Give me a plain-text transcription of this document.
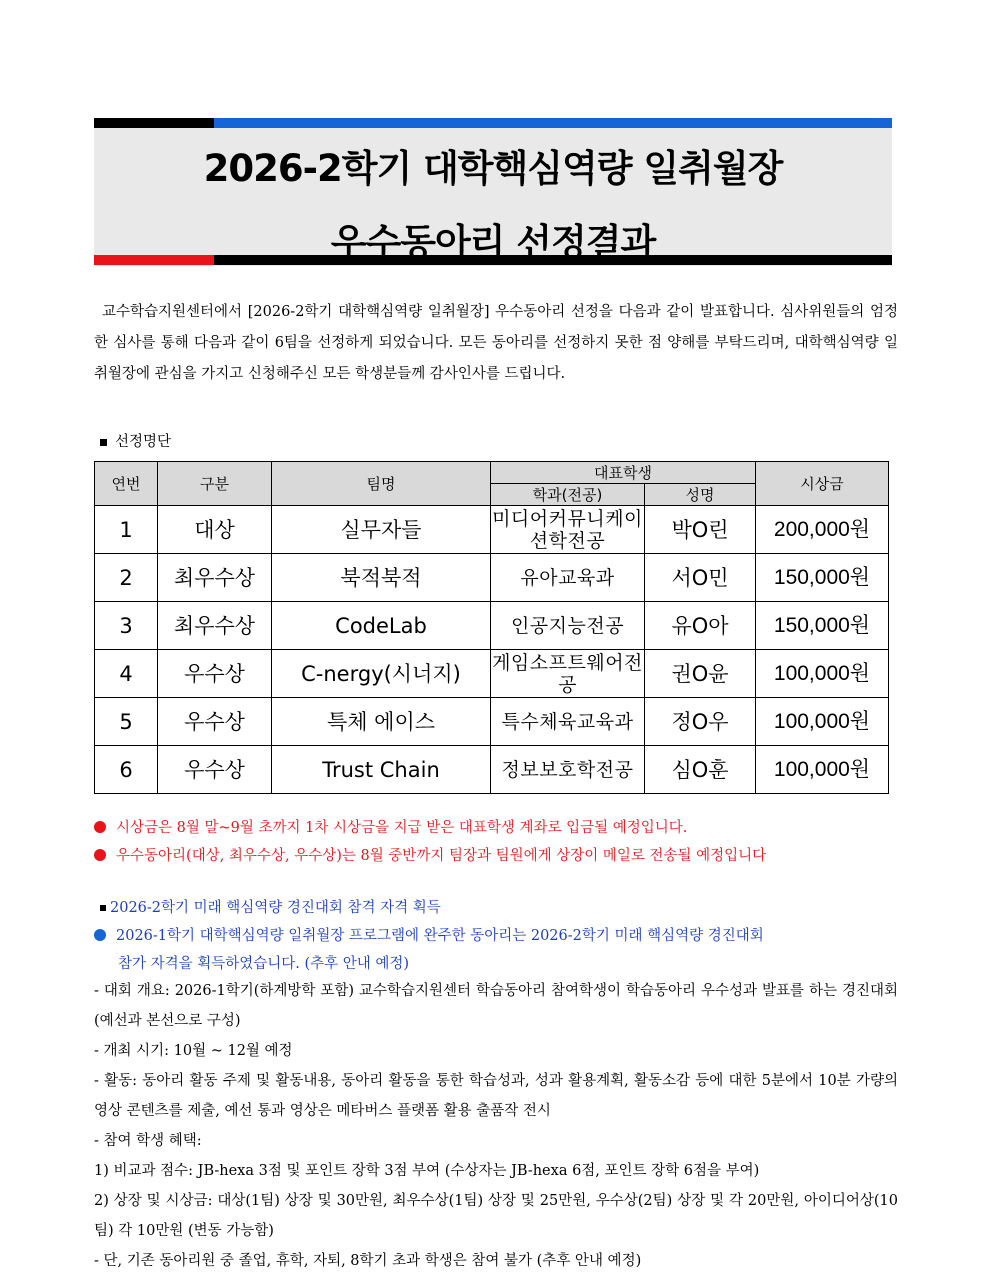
2026-2학기 대학핵심역량 일취월장
우수동아리 선정결과
교수학습지원센터에서 [2026-2학기 대학핵심역량 일취월장] 우수동아리 선정을 다음과 같이 발표합니다. 심사위원들의 엄정한 심사를 통해 다음과 같이 6팀을 선정하게 되었습니다. 모든 동아리를 선정하지 못한 점 양해를 부탁드리며, 대학핵심역량 일취월장에 관심을 가지고 신청해주신 모든 학생분들께 감사인사를 드립니다.
선정명단
연번	구분	팀명	대표학생		시상금
			학과(전공)	성명	
1	대상	실무자들	미디어커뮤니케이션학전공	박O린	200,000원
2	최우수상	북적북적	유아교육과	서O민	150,000원
3	최우수상	CodeLab	인공지능전공	유O아	150,000원
4	우수상	C-nergy(시너지)	게임소프트웨어전공	권O윤	100,000원
5	우수상	특체 에이스	특수체육교육과	정O우	100,000원
6	우수상	Trust Chain	정보보호학전공	심O훈	100,000원
시상금은 8월 말~9월 초까지 1차 시상금을 지급 받은 대표학생 계좌로 입금될 예정입니다.
우수동아리(대상, 최우수상, 우수상)는 8월 중반까지 팀장과 팀원에게 상장이 메일로 전송될 예정입니다
2026-2학기 미래 핵심역량 경진대회 참격 자격 획득
2026-1학기 대학핵심역량 일취월장 프로그램에 완주한 동아리는 2026-2학기 미래 핵심역량 경진대회
참가 자격을 획득하였습니다. (추후 안내 예정)

- 대회 개요: 2026-1학기(하계방학 포함) 교수학습지원센터 학습동아리 참여학생이 학습동아리 우수성과 발표를 하는 경진대회(예선과 본선으로 구성)

- 개최 시기: 10월 ~ 12월 예정

- 활동: 동아리 활동 주제 및 활동내용, 동아리 활동을 통한 학습성과, 성과 활용계획, 활동소감 등에 대한 5분에서 10분 가량의 영상 콘텐츠를 제출, 예선 통과 영상은 메타버스 플랫폼 활용 출품작 전시

- 참여 학생 혜택:

1) 비교과 점수: JB-hexa 3점 및 포인트 장학 3점 부여 (수상자는 JB-hexa 6점, 포인트 장학 6점을 부여)

2) 상장 및 시상금: 대상(1팀) 상장 및 30만원, 최우수상(1팀) 상장 및 25만원, 우수상(2팀) 상장 및 각 20만원, 아이디어상(10팀) 각 10만원 (변동 가능함)

- 단, 기존 동아리원 중 졸업, 휴학, 자퇴, 8학기 초과 학생은 참여 불가 (추후 안내 예정)
